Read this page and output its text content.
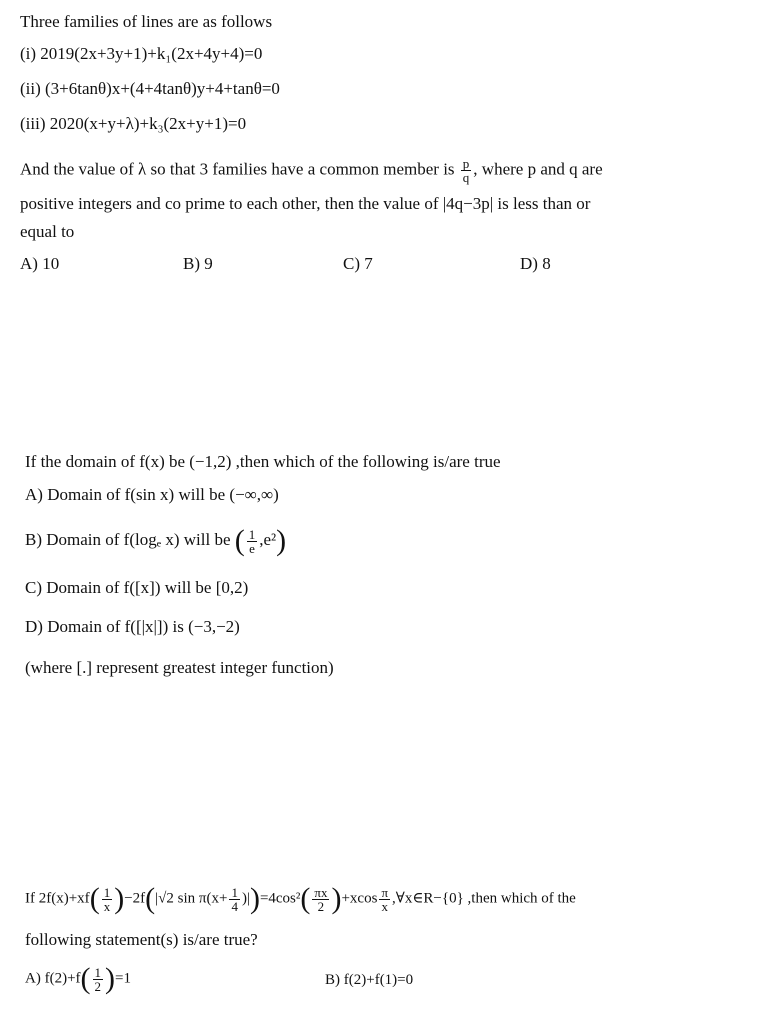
Three families of lines are as follows
(i) 2019(2x+3y+1)+k₁(2x+4y+4)=0
(ii) (3+6tanθ)x+(4+4tanθ)y+4+tanθ=0
(iii) 2020(x+y+λ)+k₃(2x+y+1)=0
And the value of λ so that 3 families have a common member is $\frac{p}{q}$ , where p and q are
positive integers and co prime to each other, then the value of |4q−3p| is less than or
equal to
A) 10	B) 9	C) 7	D) 8
If the domain of f(x) be (−1,2) ,then which of the following is/are true
A) Domain of f(sin x) will be (−∞,∞)
B) Domain of f(logₑ x) will be ( $\frac{1}{e} ,e^2$)
C) Domain of f([x]) will be [0,2)
D) Domain of f([|x|]) is (−3,−2)
(where [.] represent greatest integer function)
If $2f(x)+xf( \frac{1}{x} )-2f(|√2$ $\sin \pi(x+ \frac{1}{4} )|)=4\cos^2( \frac{\pi x}{2} )+xcos \frac{\pi}{x}$ ,∀x∈R−{0} ,then which of the
following statement(s) is/are true?
A) $f(2)+f( \frac{1}{2} )=1$	B) f(2)+f(1)=0
